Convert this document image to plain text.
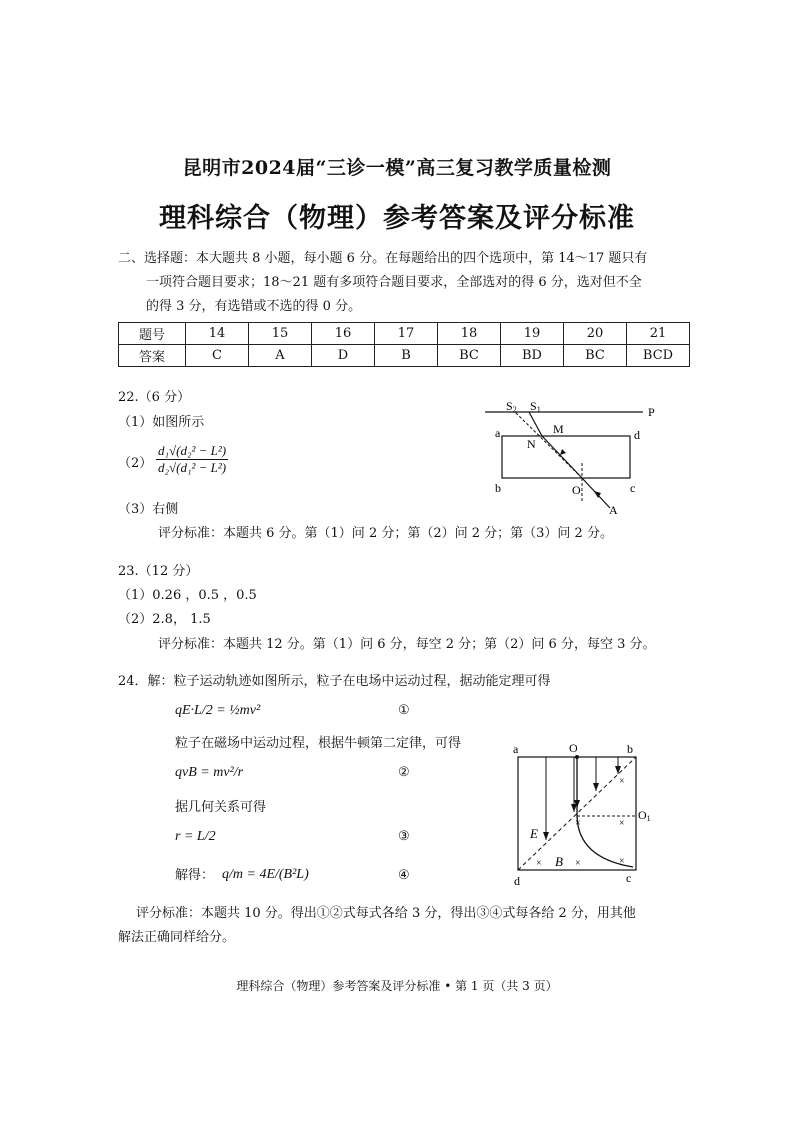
昆明市2024届“三诊一模”高三复习教学质量检测
理科综合（物理）参考答案及评分标准
二、选择题：本大题共 8 小题，每小题 6 分。在每题给出的四个选项中，第 14～17 题只有
一项符合题目要求；18～21 题有多项符合题目要求，全部选对的得 6 分，选对但不全
的得 3 分，有选错或不选的得 0 分。
题号	14	15	16	17	18	19	20	21
答案	C	A	D	B	BC	BD	BC	BCD
22.（6 分）
（1）如图所示
$(2) \frac{\text{d₁√(d₂² − L²)}}{\text{d₂√(d₁² − L²)}}$
（3）右侧
评分标准：本题共 6 分。第（1）问 2 分；第（2）问 2 分；第（3）问 2 分。
S2 S1	P
M
N
a	d
b	c
O
A
23.（12 分）
（1）0.26 ，0.5 ，0.5
（2）2.8， 1.5
评分标准：本题共 12 分。第（1）问 6 分，每空 2 分；第（2）问 6 分，每空 3 分。
24．解：粒子运动轨迹如图所示，粒子在电场中运动过程，据动能定理可得
qE·L/2 = ½mv²	①
粒子在磁场中运动过程，根据牛顿第二定律，可得
qvB = mv²/r	②
据几何关系可得
r = L/2	③
解得： q/m = 4E/(B²L)	④
评分标准：本题共 10 分。得出①②式每式各给 3 分，得出③④式每各给 2 分，用其他
解法正确同样给分。
×
×
×
×
×
×
a	O	b
O1
E
B
d	c
理科综合（物理）参考答案及评分标准 • 第 1 页（共 3 页）
